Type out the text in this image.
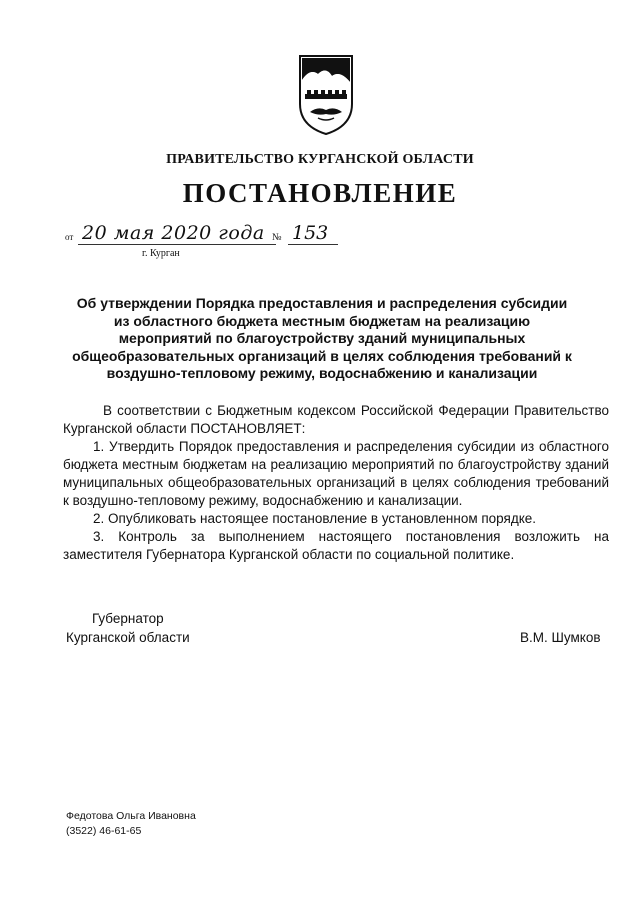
ПРАВИТЕЛЬСТВО КУРГАНСКОЙ ОБЛАСТИ
ПОСТАНОВЛЕНИЕ
от 20 мая 2020 года № 153
г. Курган
Об утверждении Порядка предоставления и распределения субсидии из областного бюджета местным бюджетам на реализацию мероприятий по благоустройству зданий муниципальных общеобразовательных организаций в целях соблюдения требований к воздушно-тепловому режиму, водоснабжению и канализации

В соответствии с Бюджетным кодексом Российской Федерации Правительство Курганской области ПОСТАНОВЛЯЕТ:

1. Утвердить Порядок предоставления и распределения субсидии из областного бюджета местным бюджетам на реализацию мероприятий по благоустройству зданий муниципальных общеобразовательных организаций в целях соблюдения требований к воздушно-тепловому режиму, водоснабжению и канализации.

2. Опубликовать настоящее постановление в установленном порядке.

3. Контроль за выполнением настоящего постановления возложить на заместителя Губернатора Курганской области по социальной политике.

Губернатор
Курганской области	В.М. Шумков
Федотова Ольга Ивановна
(3522) 46-61-65
